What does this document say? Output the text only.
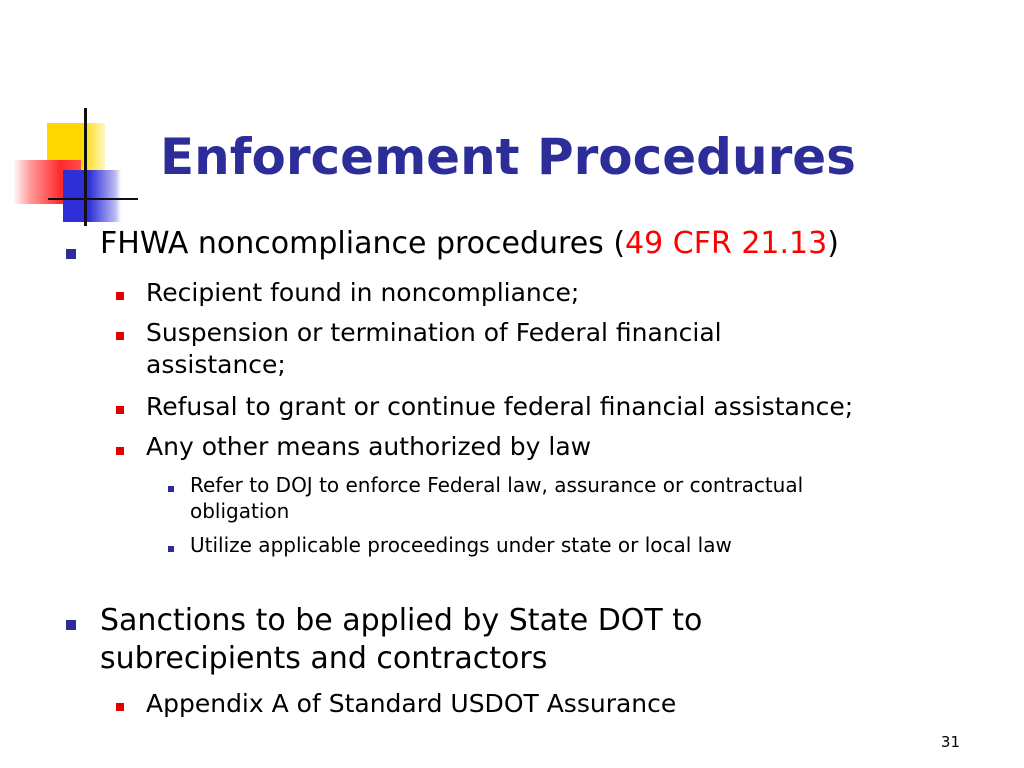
Enforcement Procedures
FHWA noncompliance procedures (49 CFR 21.13)
Recipient found in noncompliance;
Suspension or termination of Federal financial
assistance;
Refusal to grant or continue federal financial assistance;
Any other means authorized by law
Refer to DOJ to enforce Federal law, assurance or contractual
obligation
Utilize applicable proceedings under state or local law
Sanctions to be applied by State DOT to
subrecipients and contractors
Appendix A of Standard USDOT Assurance
31
